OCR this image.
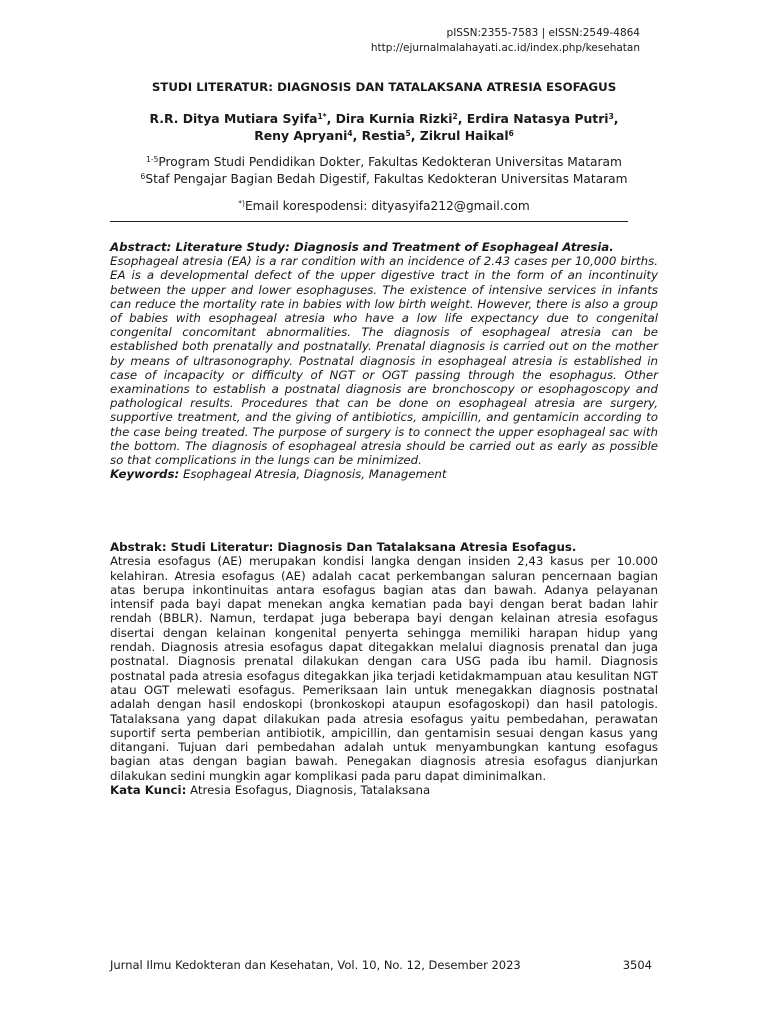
pISSN:2355-7583 | eISSN:2549-4864
http://ejurnalmalahayati.ac.id/index.php/kesehatan
STUDI LITERATUR: DIAGNOSIS DAN TATALAKSANA ATRESIA ESOFAGUS
R.R. Ditya Mutiara Syifa$^{1*}$, Dira Kurnia Rizki$^2$, Erdira Natasya Putri$^3$,
Reny Apryani$^4$, Restia$^5$, Zikrul Haikal$^6$
$^{1-5}$Program Studi Pendidikan Dokter, Fakultas Kedokteran Universitas Mataram
$^6$Staf Pengajar Bagian Bedah Digestif, Fakultas Kedokteran Universitas Mataram
*)Email korespodensi: dityasyifa212@gmail.com

Abstract: Literature Study: Diagnosis and Treatment of Esophageal Atresia.

Esophageal atresia (EA) is a rar condition with an incidence of 2.43 cases per 10,000 births. EA is a developmental defect of the upper digestive tract in the form of an incontinuity between the upper and lower esophaguses. The existence of intensive services in infants can reduce the mortality rate in babies with low birth weight. However, there is also a group of babies with esophageal atresia who have a low life expectancy due to congenital congenital concomitant abnormalities. The diagnosis of esophageal atresia can be established both prenatally and postnatally. Prenatal diagnosis is carried out on the mother by means of ultrasonography. Postnatal diagnosis in esophageal atresia is established in case of incapacity or difficulty of NGT or OGT passing through the esophagus. Other examinations to establish a postnatal diagnosis are bronchoscopy or esophagoscopy and pathological results. Procedures that can be done on esophageal atresia are surgery, supportive treatment, and the giving of antibiotics, ampicillin, and gentamicin according to the case being treated. The purpose of surgery is to connect the upper esophageal sac with the bottom. The diagnosis of esophageal atresia should be carried out as early as possible so that complications in the lungs can be minimized.

Keywords: Esophageal Atresia, Diagnosis, Management

Abstrak: Studi Literatur: Diagnosis Dan Tatalaksana Atresia Esofagus.

Atresia esofagus (AE) merupakan kondisi langka dengan insiden 2,43 kasus per 10.000 kelahiran. Atresia esofagus (AE) adalah cacat perkembangan saluran pencernaan bagian atas berupa inkontinuitas antara esofagus bagian atas dan bawah. Adanya pelayanan intensif pada bayi dapat menekan angka kematian pada bayi dengan berat badan lahir rendah (BBLR). Namun, terdapat juga beberapa bayi dengan kelainan atresia esofagus disertai dengan kelainan kongenital penyerta sehingga memiliki harapan hidup yang rendah. Diagnosis atresia esofagus dapat ditegakkan melalui diagnosis prenatal dan juga postnatal. Diagnosis prenatal dilakukan dengan cara USG pada ibu hamil. Diagnosis postnatal pada atresia esofagus ditegakkan jika terjadi ketidakmampuan atau kesulitan NGT atau OGT melewati esofagus. Pemeriksaan lain untuk menegakkan diagnosis postnatal adalah dengan hasil endoskopi (bronkoskopi ataupun esofagoskopi) dan hasil patologis. Tatalaksana yang dapat dilakukan pada atresia esofagus yaitu pembedahan, perawatan suportif serta pemberian antibiotik, ampicillin, dan gentamisin sesuai dengan kasus yang ditangani. Tujuan dari pembedahan adalah untuk menyambungkan kantung esofagus bagian atas dengan bagian bawah. Penegakan diagnosis atresia esofagus dianjurkan dilakukan sedini mungkin agar komplikasi pada paru dapat diminimalkan.

Kata Kunci: Atresia Esofagus, Diagnosis, Tatalaksana

Jurnal Ilmu Kedokteran dan Kesehatan, Vol. 10, No. 12, Desember 2023	3504
